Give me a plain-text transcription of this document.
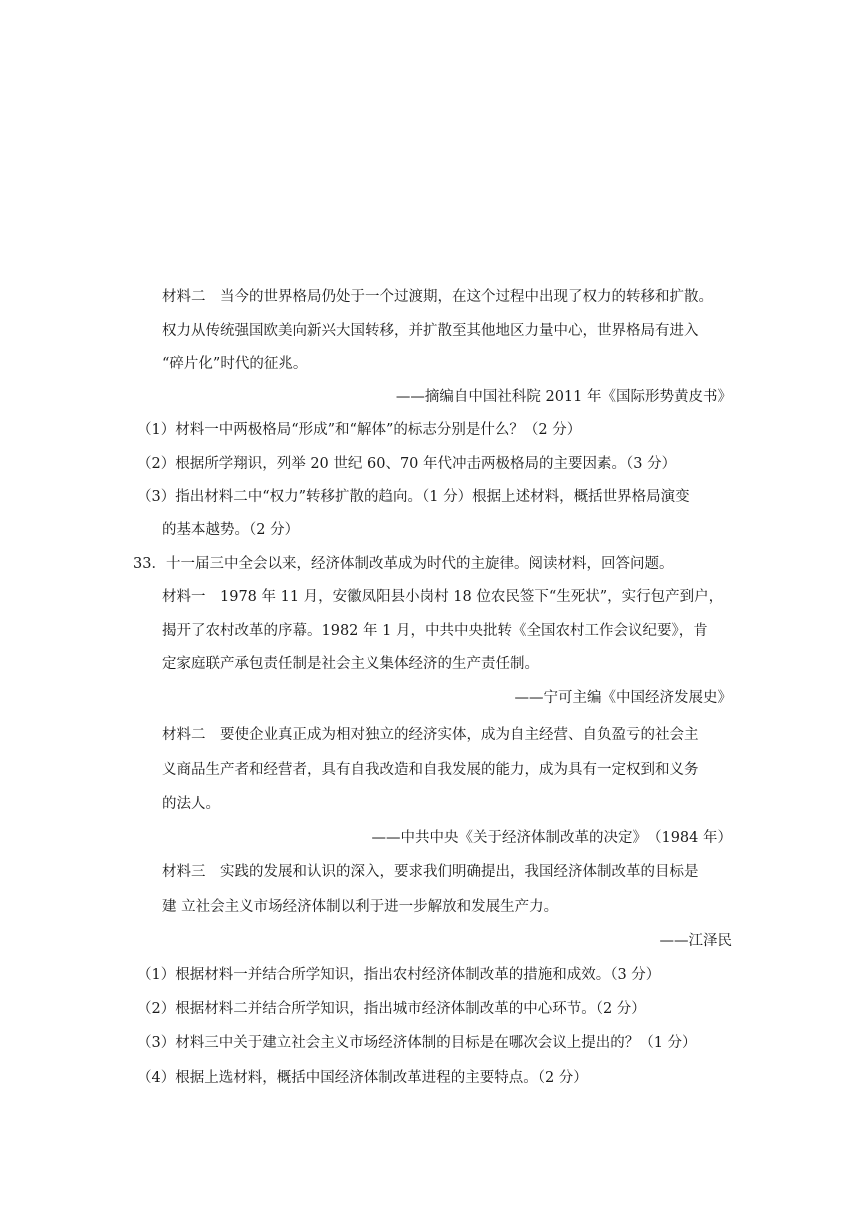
材料二　当今的世界格局仍处于一个过渡期，在这个过程中出现了权力的转移和扩散。
权力从传统强国欧美向新兴大国转移，并扩散至其他地区力量中心，世界格局有进入
“碎片化”时代的征兆。
——摘编自中国社科院 2011 年《国际形势黄皮书》
（1）材料一中两极格局“形成”和“解体”的标志分别是什么？（2 分）
（2）根据所学翔识，列举 20 世纪 60、70 年代冲击两极格局的主要因素。（3 分）
（3）指出材料二中“权力”转移扩散的趋向。（1 分）根据上述材料，概括世界格局演变
的基本越势。（2 分）
33．十一届三中全会以来，经济体制改革成为时代的主旋律。阅读材料，回答问题。
材料一　1978 年 11 月，安徽凤阳县小岗村 18 位农民签下“生死状”，实行包产到户，
揭开了农村改革的序幕。1982 年 1 月，中共中央批转《全国农村工作会议纪要》，肯
定家庭联产承包责任制是社会主义集体经济的生产责任制。
——宁可主编《中国经济发展史》
材料二　要使企业真正成为相对独立的经济实体，成为自主经营、自负盈亏的社会主
义商品生产者和经营者，具有自我改造和自我发展的能力，成为具有一定权到和义务
的法人。
——中共中央《关于经济体制改革的决定》　（1984 年）
材料三　实践的发展和认识的深入，要求我们明确提出，我国经济体制改革的目标是
建 立社会主义市场经济体制以利于进一步解放和发展生产力。
——江泽民
（1）根据材料一并结合所学知识，指出农村经济体制改革的措施和成效。（3 分）
（2）根据材料二并结合所学知识，指出城市经济体制改革的中心环节。（2 分）
（3）材料三中关于建立社会主义市场经济体制的目标是在哪次会议上提出的？（1 分）
（4）根据上选材料，概括中国经济体制改革进程的主要特点。（2 分）
